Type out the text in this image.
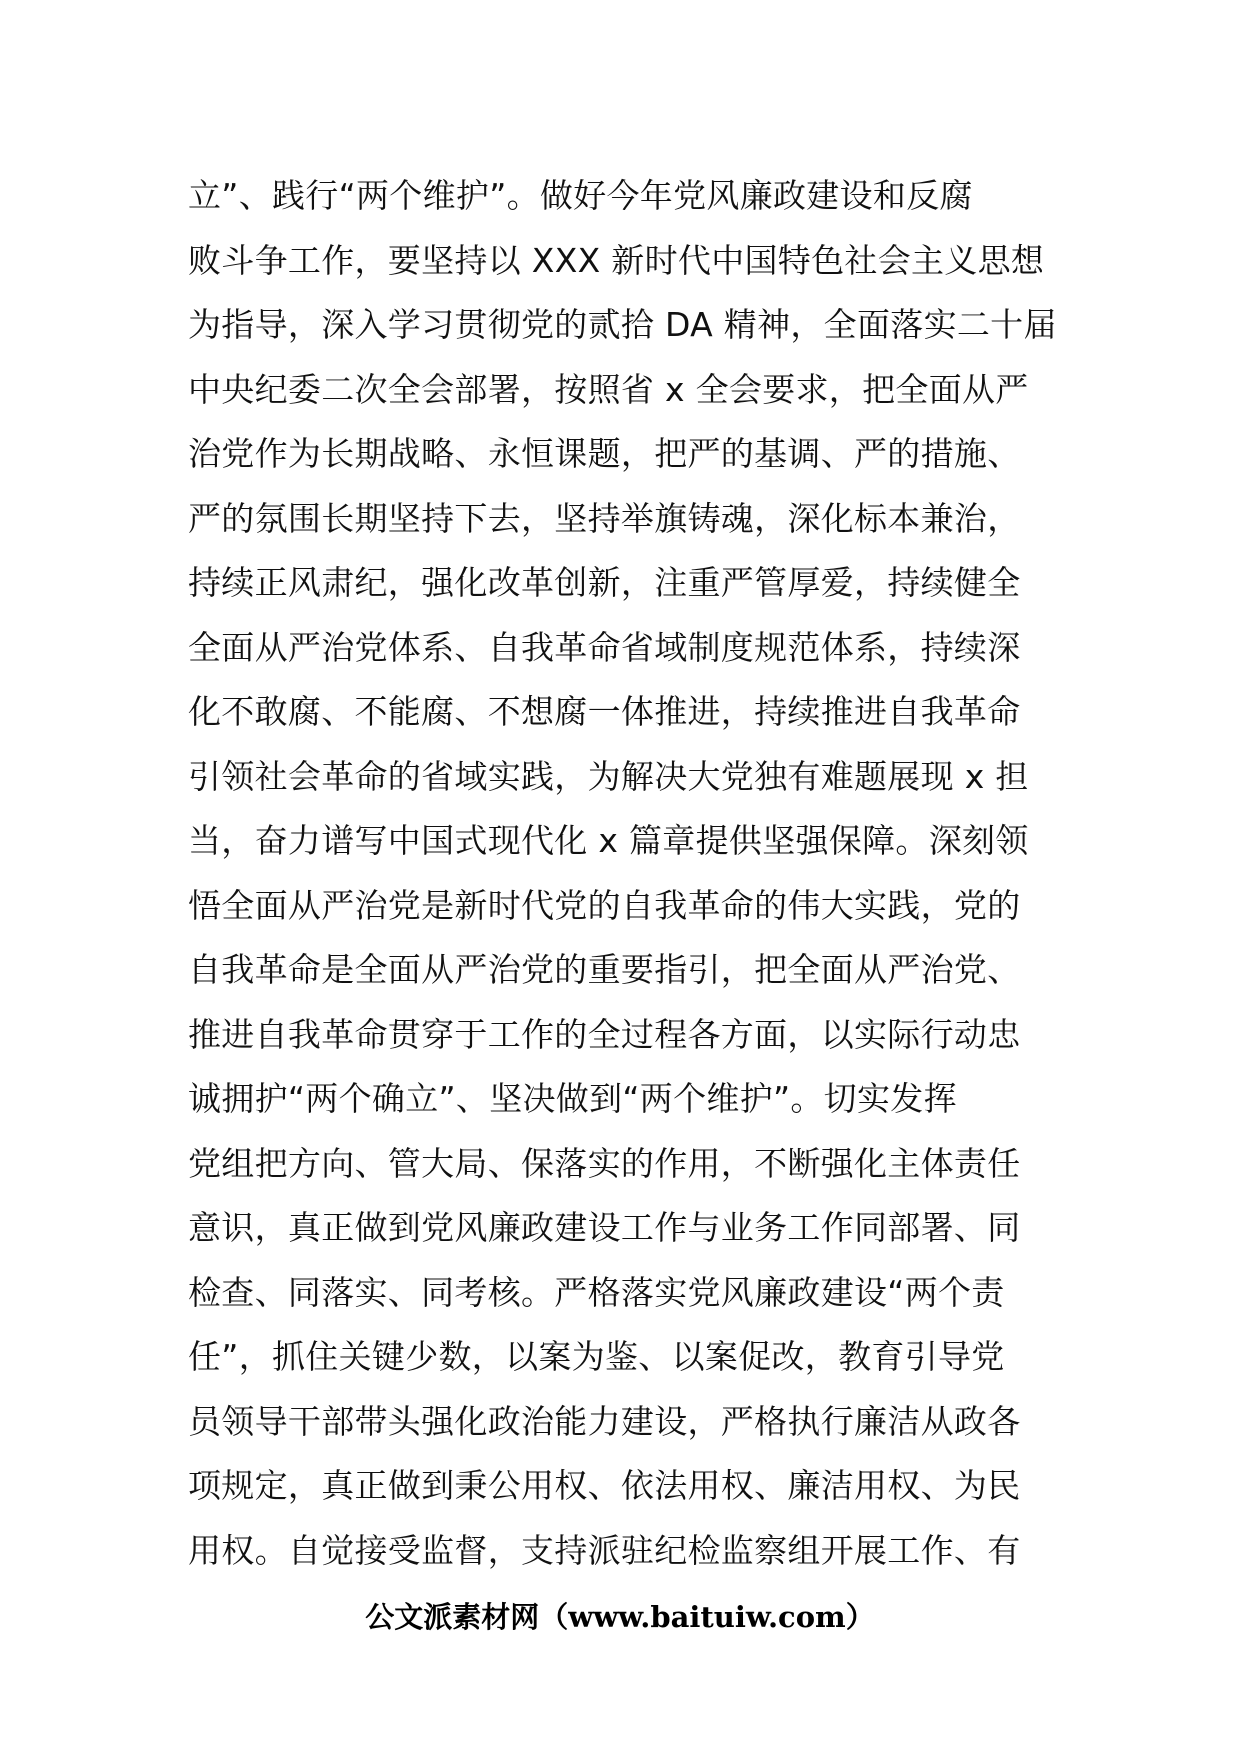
立”、践行“两个维护”。做好今年党风廉政建设和反腐
败斗争工作，要坚持以 XXX 新时代中国特色社会主义思想
为指导，深入学习贯彻党的贰拾 DA 精神，全面落实二十届
中央纪委二次全会部署，按照省 x 全会要求，把全面从严
治党作为长期战略、永恒课题，把严的基调、严的措施、
严的氛围长期坚持下去，坚持举旗铸魂，深化标本兼治，
持续正风肃纪，强化改革创新，注重严管厚爱，持续健全
全面从严治党体系、自我革命省域制度规范体系，持续深
化不敢腐、不能腐、不想腐一体推进，持续推进自我革命
引领社会革命的省域实践，为解决大党独有难题展现 x 担
当，奋力谱写中国式现代化 x 篇章提供坚强保障。深刻领
悟全面从严治党是新时代党的自我革命的伟大实践，党的
自我革命是全面从严治党的重要指引，把全面从严治党、
推进自我革命贯穿于工作的全过程各方面，以实际行动忠
诚拥护“两个确立”、坚决做到“两个维护”。切实发挥
党组把方向、管大局、保落实的作用，不断强化主体责任
意识，真正做到党风廉政建设工作与业务工作同部署、同
检查、同落实、同考核。严格落实党风廉政建设“两个责
任”，抓住关键少数，以案为鉴、以案促改，教育引导党
员领导干部带头强化政治能力建设，严格执行廉洁从政各
项规定，真正做到秉公用权、依法用权、廉洁用权、为民
用权。自觉接受监督，支持派驻纪检监察组开展工作、有
公文派素材网（www.baituiw.com）
